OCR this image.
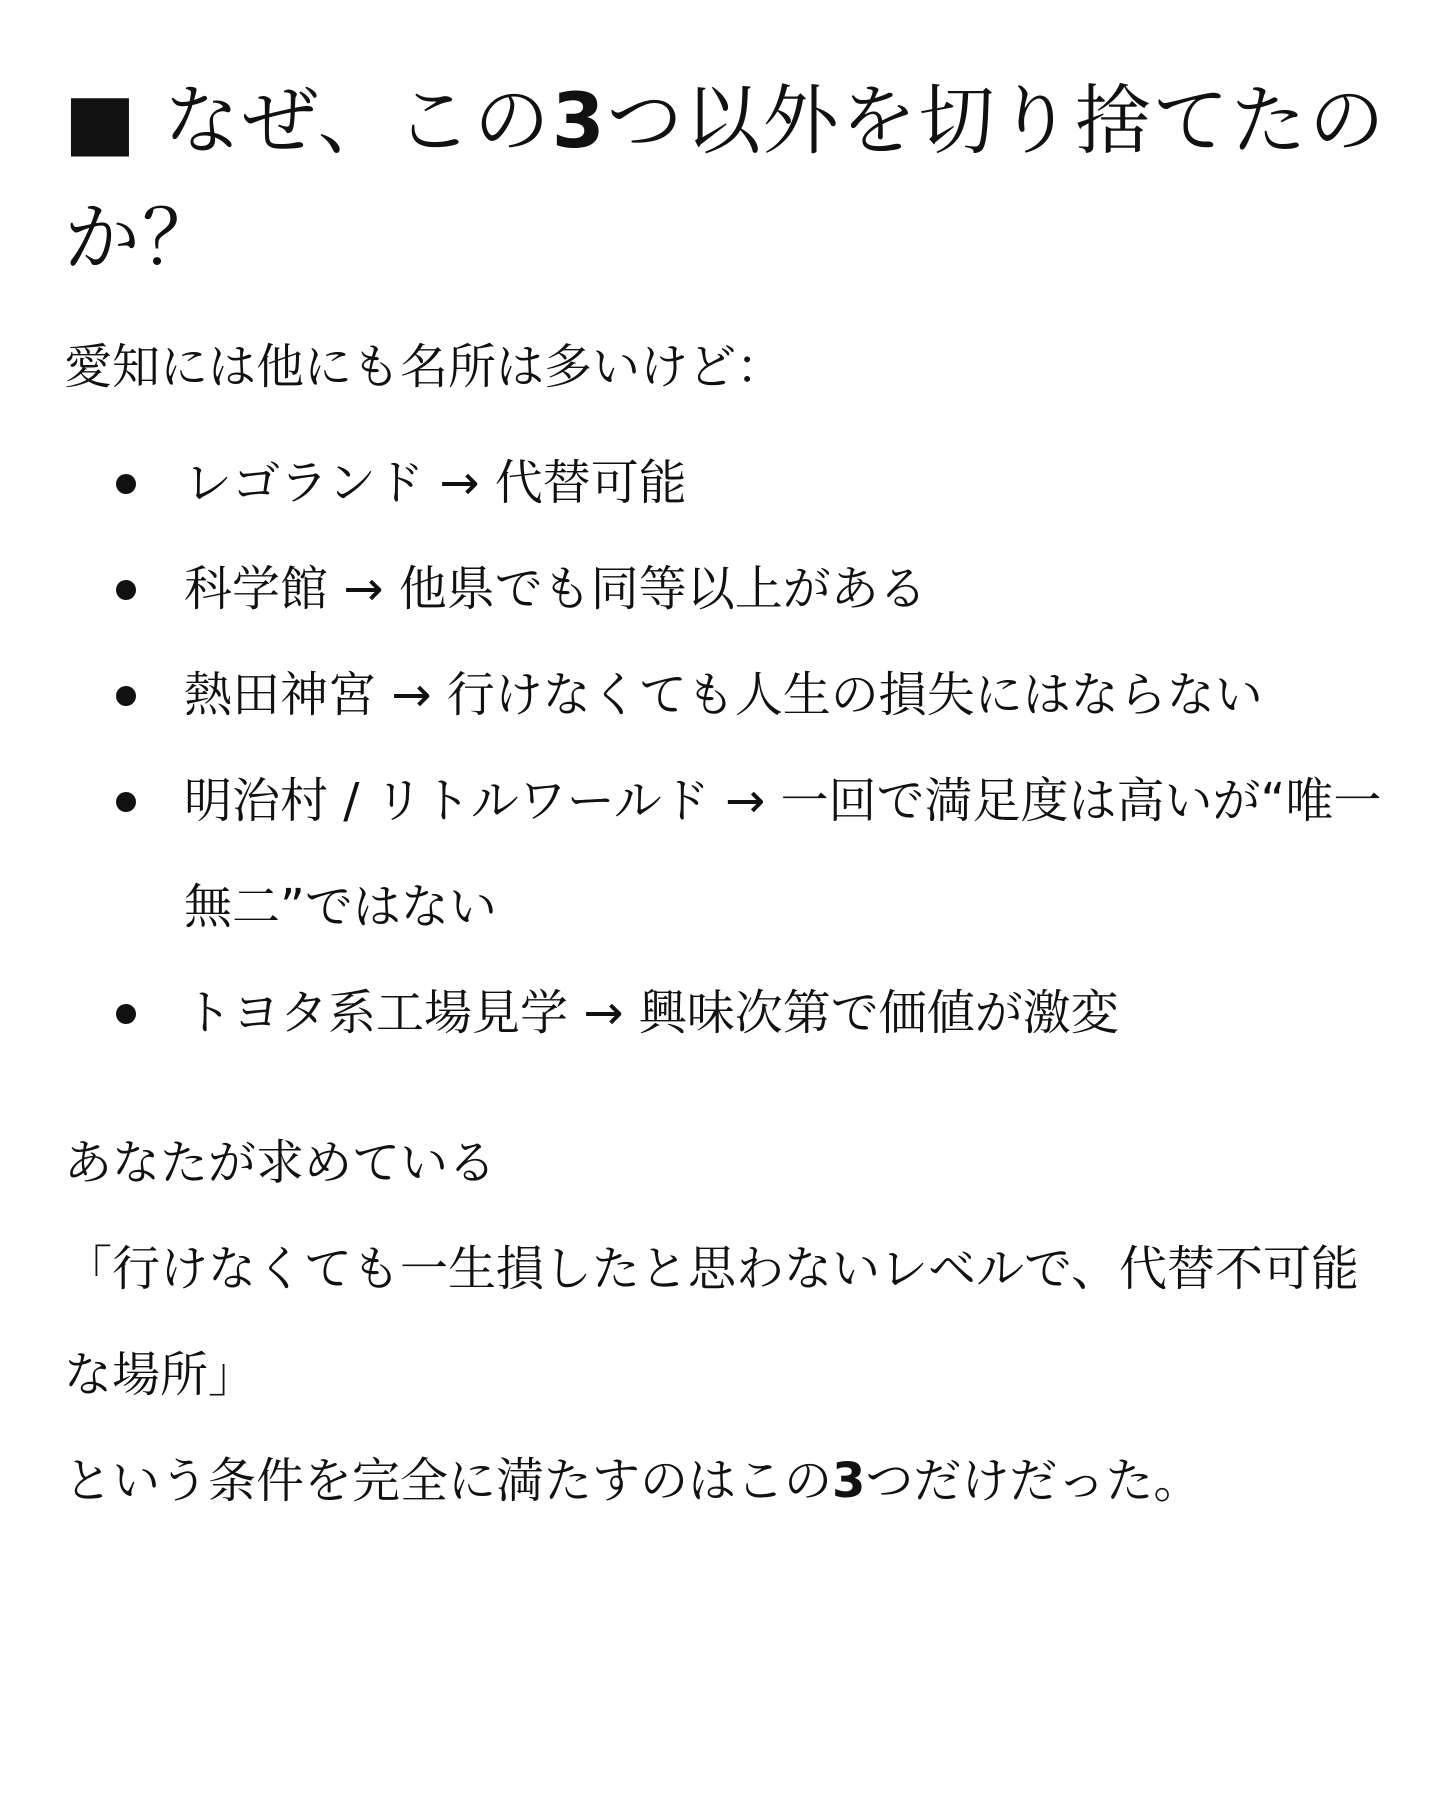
■ なぜ、この3つ以外を切り捨てたのか？

愛知には他にも名所は多いけど：

レゴランド → 代替可能
科学館 → 他県でも同等以上がある
熱田神宮 → 行けなくても人生の損失にはならない
明治村 / リトルワールド → 一回で満足度は高いが“唯一無二”ではない
トヨタ系工場見学 → 興味次第で価値が激変

あなたが求めている
「行けなくても一生損したと思わないレベルで、代替不可能な場所」
という条件を完全に満たすのはこの3つだけだった。
